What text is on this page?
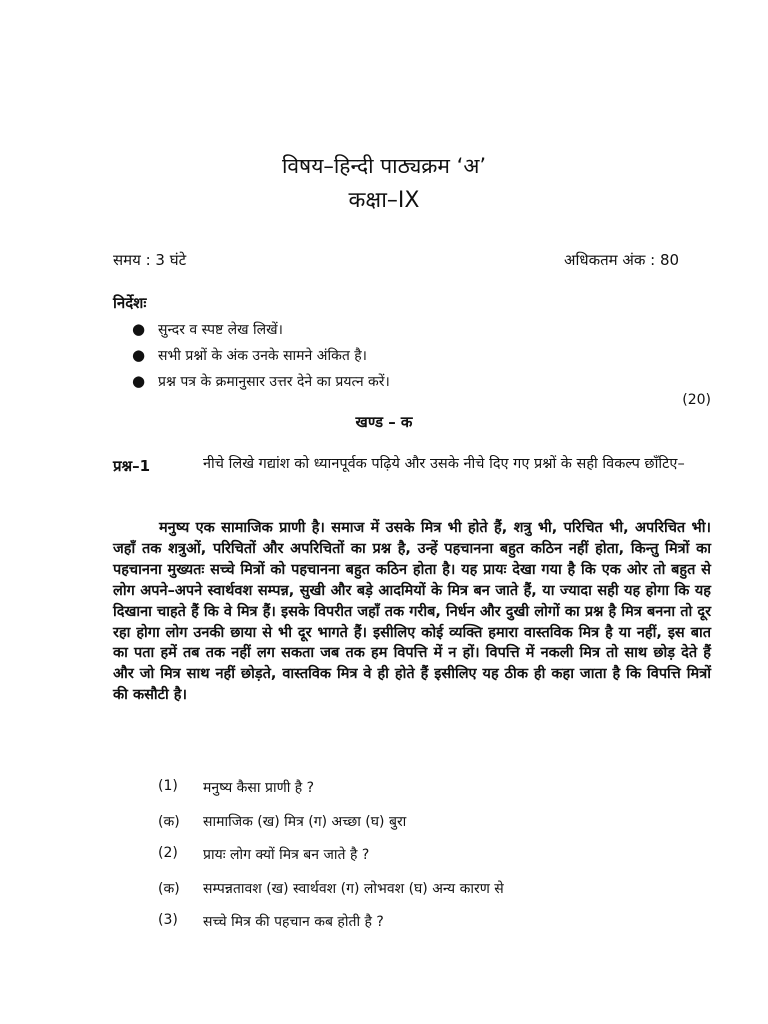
विषय–हिन्दी पाठ्यक्रम ‘अ’
कक्षा–IX
समय : 3 घंटे	अधिकतम अंक : 80
निर्देशः
● सुन्दर व स्पष्ट लेख लिखें।
● सभी प्रश्नों के अंक उनके सामने अंकित है।
● प्रश्न पत्र के क्रमानुसार उत्तर देने का प्रयत्न करें।
(20)
खण्ड – क
प्रश्न–1	नीचे लिखे गद्यांश को ध्यानपूर्वक पढ़िये और उसके नीचे दिए गए प्रश्नों के सही विकल्प छाँटिए–
मनुष्य एक सामाजिक प्राणी है। समाज में उसके मित्र भी होते हैं, शत्रु भी, परिचित भी, अपरिचित भी। जहाँ तक शत्रुओं, परिचितों और अपरिचितों का प्रश्न है, उन्हें पहचानना बहुत कठिन नहीं होता, किन्तु मित्रों का पहचानना मुख्यतः सच्चे मित्रों को पहचानना बहुत कठिन होता है। यह प्रायः देखा गया है कि एक ओर तो बहुत से लोग अपने–अपने स्वार्थवश सम्पन्न, सुखी और बड़े आदमियों के मित्र बन जाते हैं, या ज्यादा सही यह होगा कि यह दिखाना चाहते हैं कि वे मित्र हैं। इसके विपरीत जहाँ तक गरीब, निर्धन और दुखी लोगों का प्रश्न है मित्र बनना तो दूर रहा होगा लोग उनकी छाया से भी दूर भागते हैं। इसीलिए कोई व्यक्ति हमारा वास्तविक मित्र है या नहीं, इस बात का पता हमें तब तक नहीं लग सकता जब तक हम विपत्ति में न हों। विपत्ति में नकली मित्र तो साथ छोड़ देते हैं और जो मित्र साथ नहीं छोड़ते, वास्तविक मित्र वे ही होते हैं इसीलिए यह ठीक ही कहा जाता है कि विपत्ति मित्रों की कसौटी है।
(1)	मनुष्य कैसा प्राणी है ?
(क)	सामाजिक (ख) मित्र (ग) अच्छा (घ) बुरा
(2)	प्रायः लोग क्यों मित्र बन जाते है ?
(क)	सम्पन्नतावश (ख) स्वार्थवश (ग) लोभवश (घ) अन्य कारण से
(3)	सच्चे मित्र की पहचान कब होती है ?
